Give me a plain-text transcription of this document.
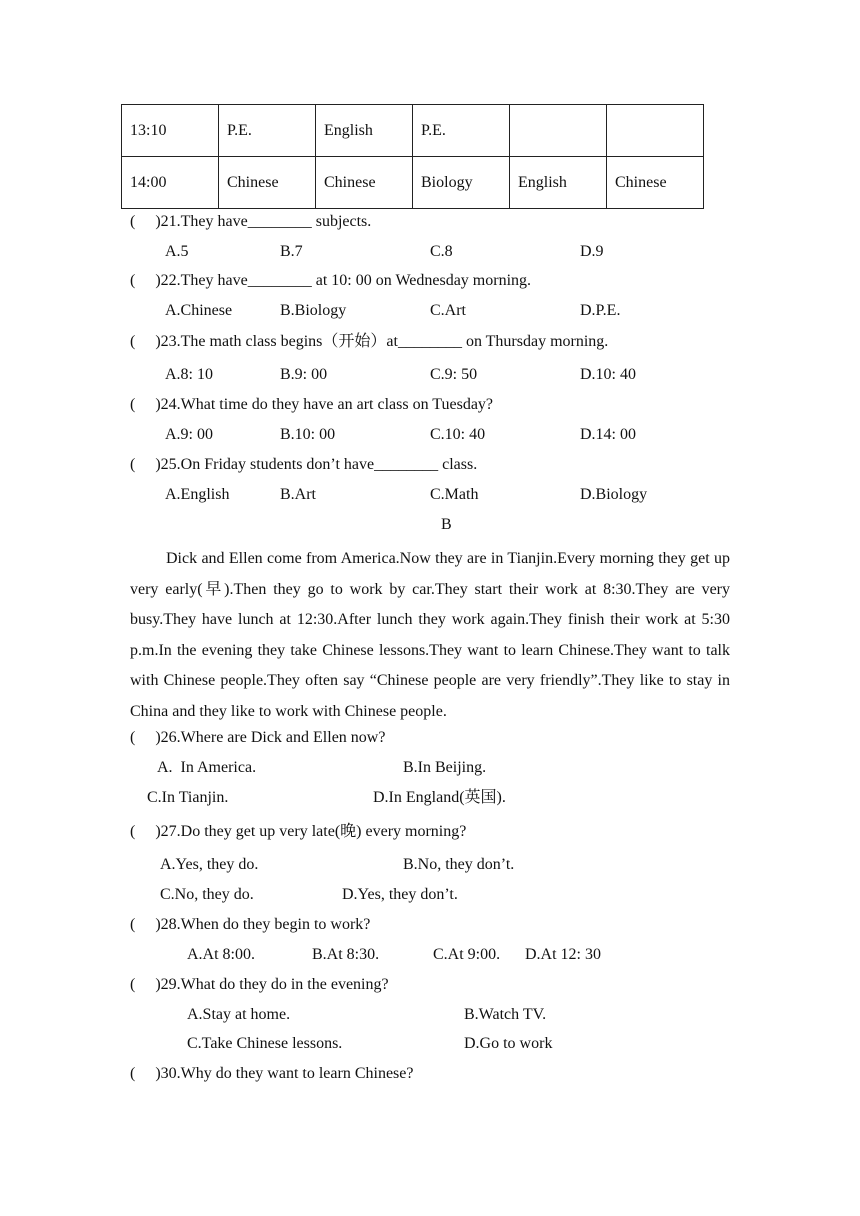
13:10	P.E.	English	P.E.		
14:00	Chinese	Chinese	Biology	English	Chinese
(     )21.They have________ subjects.
A.5	B.7	C.8	D.9
(     )22.They have________ at 10: 00 on Wednesday morning.
A.Chinese	B.Biology	C.Art	D.P.E.
(     )23.The math class begins（开始）at________ on Thursday morning.
A.8: 10	B.9: 00	C.9: 50	D.10: 40
(     )24.What time do they have an art class on Tuesday?
A.9: 00	B.10: 00	C.10: 40	D.14: 00
(     )25.On Friday students don’t have________ class.
A.English	B.Art	C.Math	D.Biology
B
Dick and Ellen come from America.Now they are in Tianjin.Every morning they get up very early(早).Then they go to work by car.They start their work at 8:30.They are very busy.They have lunch at 12:30.After lunch they work again.They finish their work at 5:30 p.m.In the evening they take Chinese lessons.They want to learn Chinese.They want to talk with Chinese people.They often say “Chinese people are very friendly”.They like to stay in China and they like to work with Chinese people.
(     )26.Where are Dick and Ellen now?
A.  In America.	B.In Beijing.
C.In Tianjin.	D.In England(英国).
(     )27.Do they get up very late(晚) every morning?
A.Yes, they do.	B.No, they don’t.
C.No, they do.	D.Yes, they don’t.
(     )28.When do they begin to work?
A.At 8:00.	B.At 8:30.	C.At 9:00. D.At 12: 30
(     )29.What do they do in the evening?
A.Stay at home.	B.Watch TV.
C.Take Chinese lessons.	D.Go to work
(     )30.Why do they want to learn Chinese?
